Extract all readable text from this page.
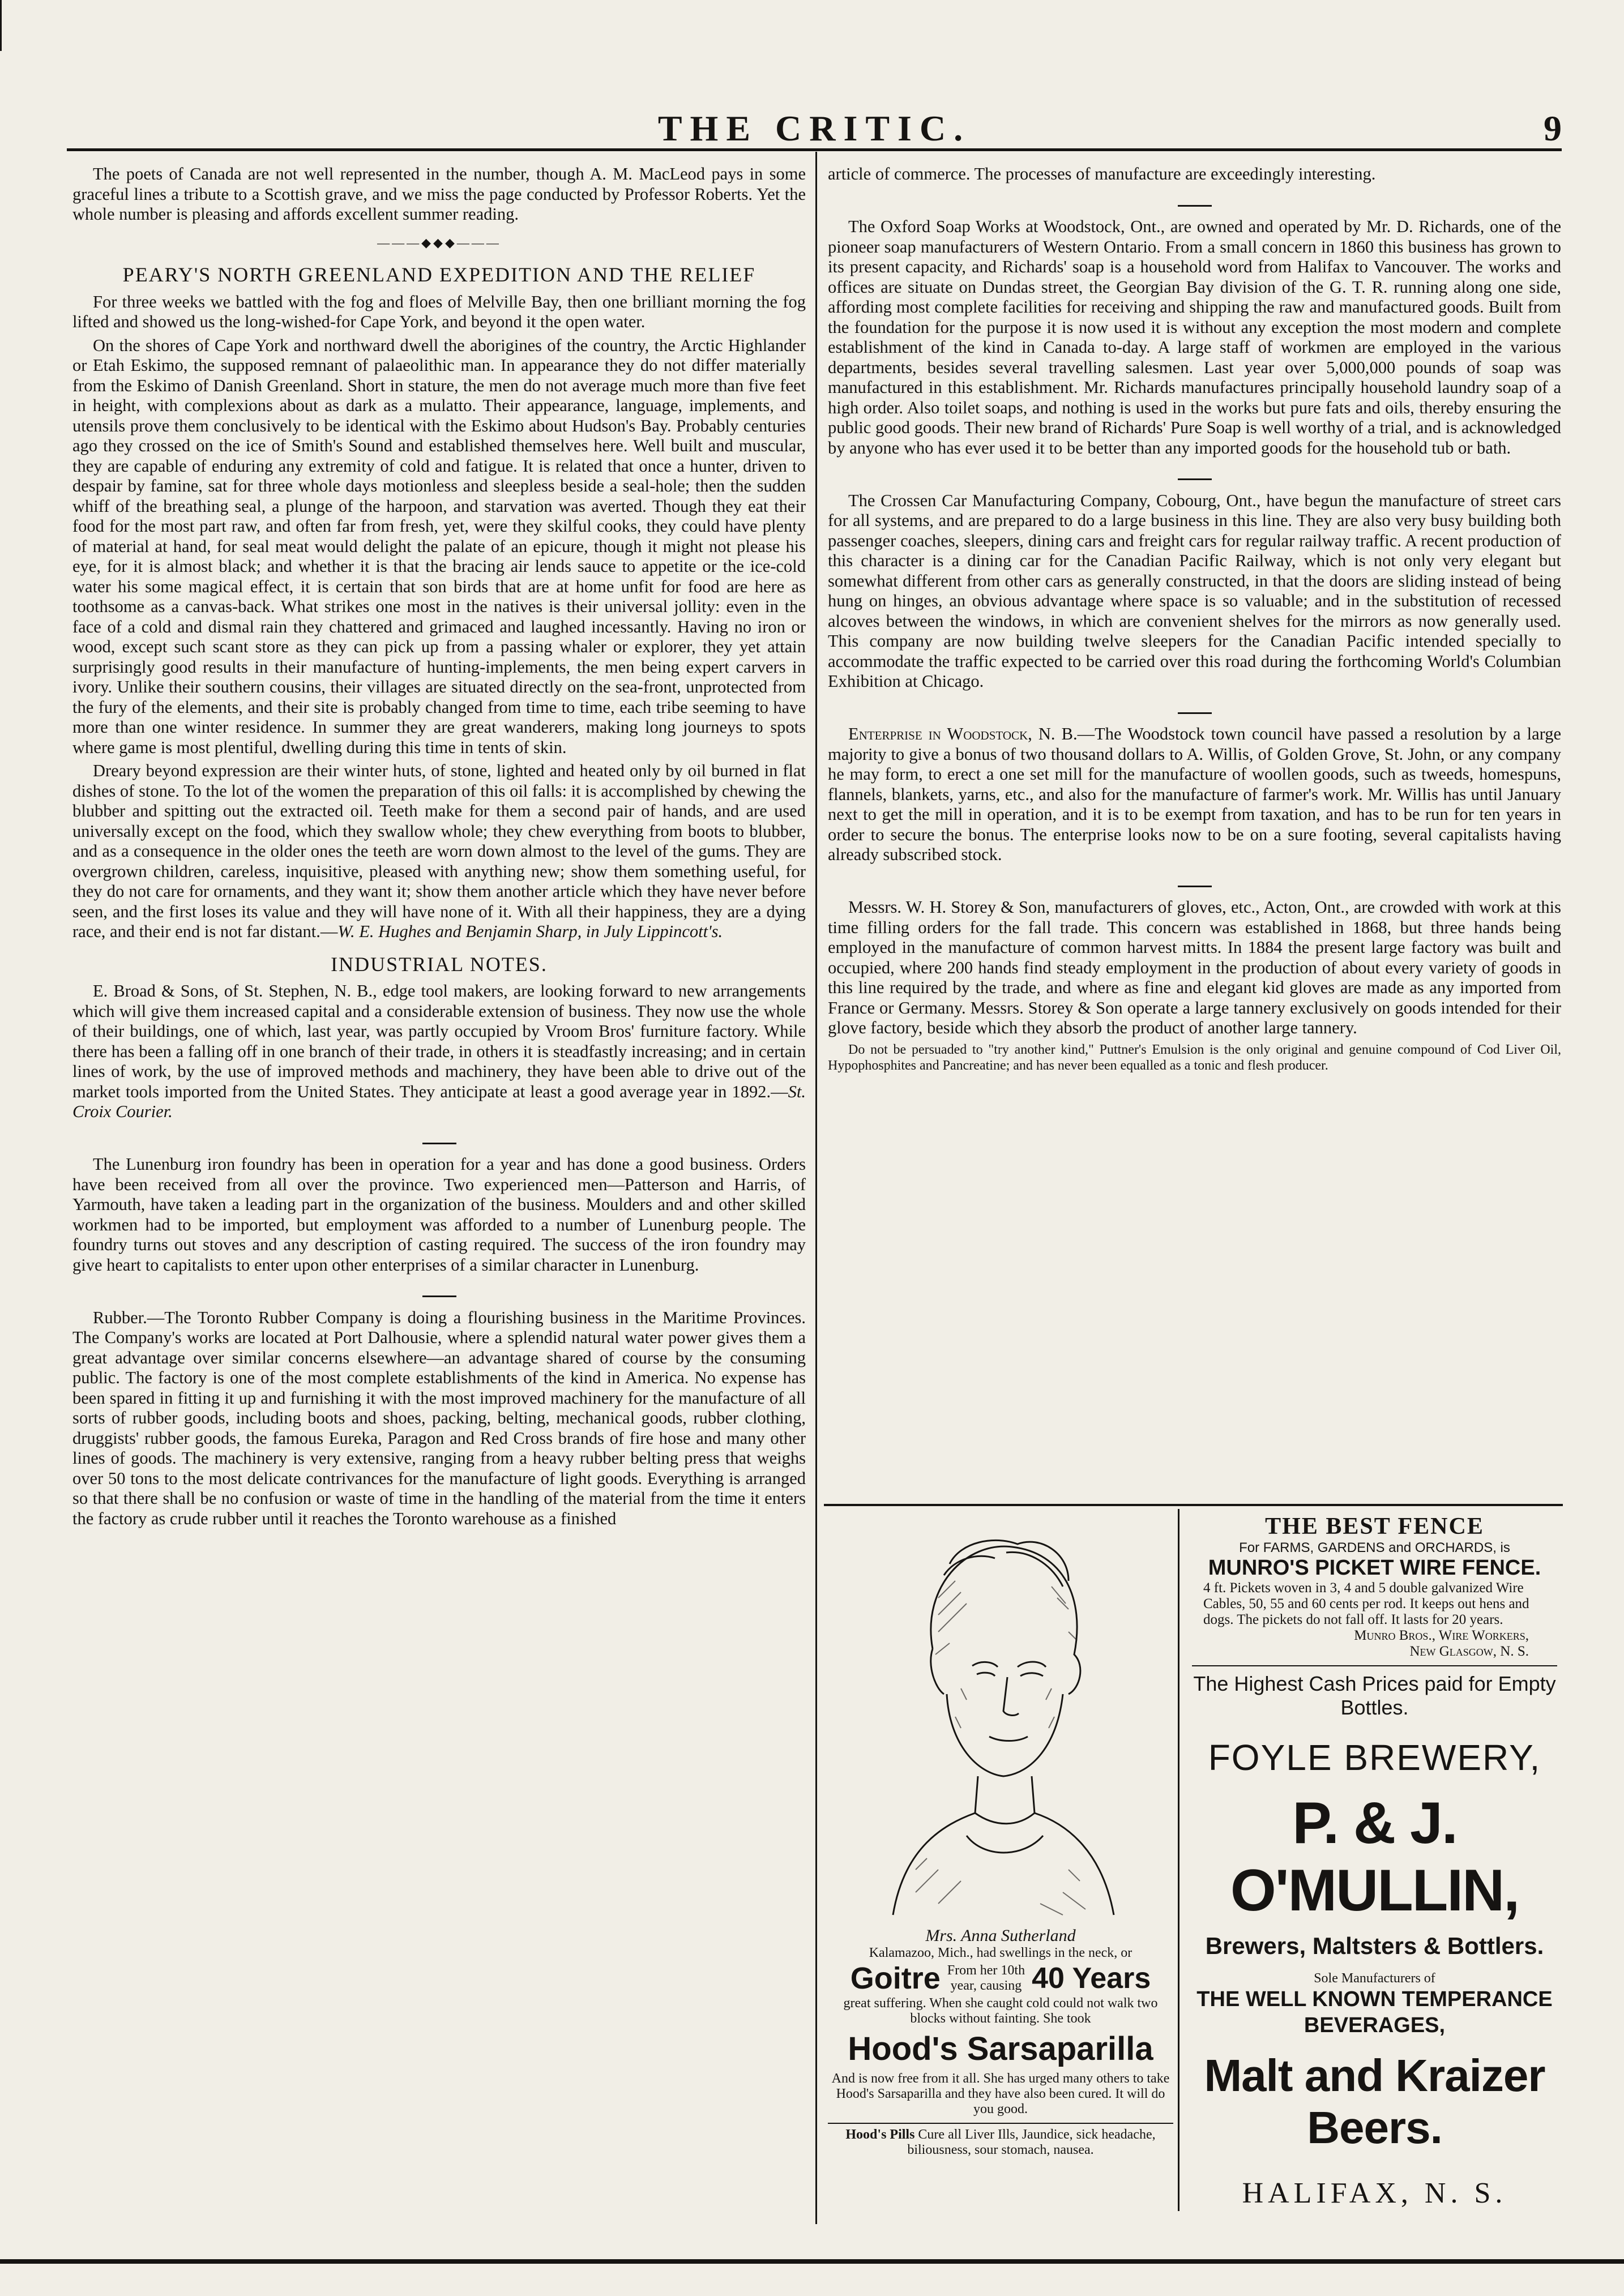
THE CRITIC.	9

The poets of Canada are not well represented in the number, though A. M. MacLeod pays in some graceful lines a tribute to a Scottish grave, and we miss the page conducted by Professor Roberts. Yet the whole number is pleasing and affords excellent summer reading.

———◆◆◆———
PEARY'S NORTH GREENLAND EXPEDITION AND THE RELIEF

For three weeks we battled with the fog and floes of Melville Bay, then one brilliant morning the fog lifted and showed us the long-wished-for Cape York, and beyond it the open water.

On the shores of Cape York and northward dwell the aborigines of the country, the Arctic Highlander or Etah Eskimo, the supposed remnant of palaeolithic man. In appearance they do not differ materially from the Eskimo of Danish Greenland. Short in stature, the men do not average much more than five feet in height, with complexions about as dark as a mulatto. Their appearance, language, implements, and utensils prove them conclusively to be identical with the Eskimo about Hudson's Bay. Probably centuries ago they crossed on the ice of Smith's Sound and established themselves here. Well built and muscular, they are capable of enduring any extremity of cold and fatigue. It is related that once a hunter, driven to despair by famine, sat for three whole days motionless and sleepless beside a seal-hole; then the sudden whiff of the breathing seal, a plunge of the harpoon, and starvation was averted. Though they eat their food for the most part raw, and often far from fresh, yet, were they skilful cooks, they could have plenty of material at hand, for seal meat would delight the palate of an epicure, though it might not please his eye, for it is almost black; and whether it is that the bracing air lends sauce to appetite or the ice-cold water his some magical effect, it is certain that son birds that are at home unfit for food are here as toothsome as a canvas-back. What strikes one most in the natives is their universal jollity: even in the face of a cold and dismal rain they chattered and grimaced and laughed incessantly. Having no iron or wood, except such scant store as they can pick up from a passing whaler or explorer, they yet attain surprisingly good results in their manufacture of hunting-implements, the men being expert carvers in ivory. Unlike their southern cousins, their villages are situated directly on the sea-front, unprotected from the fury of the elements, and their site is probably changed from time to time, each tribe seeming to have more than one winter residence. In summer they are great wanderers, making long journeys to spots where game is most plentiful, dwelling during this time in tents of skin.

Dreary beyond expression are their winter huts, of stone, lighted and heated only by oil burned in flat dishes of stone. To the lot of the women the preparation of this oil falls: it is accomplished by chewing the blubber and spitting out the extracted oil. Teeth make for them a second pair of hands, and are used universally except on the food, which they swallow whole; they chew everything from boots to blubber, and as a consequence in the older ones the teeth are worn down almost to the level of the gums. They are overgrown children, careless, inquisitive, pleased with anything new; show them something useful, for they do not care for ornaments, and they want it; show them another article which they have never before seen, and the first loses its value and they will have none of it. With all their happiness, they are a dying race, and their end is not far distant.—W. E. Hughes and Benjamin Sharp, in July Lippincott's.

INDUSTRIAL NOTES.

E. Broad & Sons, of St. Stephen, N. B., edge tool makers, are looking forward to new arrangements which will give them increased capital and a considerable extension of business. They now use the whole of their buildings, one of which, last year, was partly occupied by Vroom Bros' furniture factory. While there has been a falling off in one branch of their trade, in others it is steadfastly increasing; and in certain lines of work, by the use of improved methods and machinery, they have been able to drive out of the market tools imported from the United States. They anticipate at least a good average year in 1892.—St. Croix Courier.

The Lunenburg iron foundry has been in operation for a year and has done a good business. Orders have been received from all over the province. Two experienced men—Patterson and Harris, of Yarmouth, have taken a leading part in the organization of the business. Moulders and and other skilled workmen had to be imported, but employment was afforded to a number of Lunenburg people. The foundry turns out stoves and any description of casting required. The success of the iron foundry may give heart to capitalists to enter upon other enterprises of a similar character in Lunenburg.

Rubber.—The Toronto Rubber Company is doing a flourishing business in the Maritime Provinces. The Company's works are located at Port Dalhousie, where a splendid natural water power gives them a great advantage over similar concerns elsewhere—an advantage shared of course by the consuming public. The factory is one of the most complete establishments of the kind in America. No expense has been spared in fitting it up and furnishing it with the most improved machinery for the manufacture of all sorts of rubber goods, including boots and shoes, packing, belting, mechanical goods, rubber clothing, druggists' rubber goods, the famous Eureka, Paragon and Red Cross brands of fire hose and many other lines of goods. The machinery is very extensive, ranging from a heavy rubber belting press that weighs over 50 tons to the most delicate contrivances for the manufacture of light goods. Everything is arranged so that there shall be no confusion or waste of time in the handling of the material from the time it enters the factory as crude rubber until it reaches the Toronto warehouse as a finished

article of commerce. The processes of manufacture are exceedingly interesting.

The Oxford Soap Works at Woodstock, Ont., are owned and operated by Mr. D. Richards, one of the pioneer soap manufacturers of Western Ontario. From a small concern in 1860 this business has grown to its present capacity, and Richards' soap is a household word from Halifax to Vancouver. The works and offices are situate on Dundas street, the Georgian Bay division of the G. T. R. running along one side, affording most complete facilities for receiving and shipping the raw and manufactured goods. Built from the foundation for the purpose it is now used it is without any exception the most modern and complete establishment of the kind in Canada to-day. A large staff of workmen are employed in the various departments, besides several travelling salesmen. Last year over 5,000,000 pounds of soap was manufactured in this establishment. Mr. Richards manufactures principally household laundry soap of a high order. Also toilet soaps, and nothing is used in the works but pure fats and oils, thereby ensuring the public good goods. Their new brand of Richards' Pure Soap is well worthy of a trial, and is acknowledged by anyone who has ever used it to be better than any imported goods for the household tub or bath.

The Crossen Car Manufacturing Company, Cobourg, Ont., have begun the manufacture of street cars for all systems, and are prepared to do a large business in this line. They are also very busy building both passenger coaches, sleepers, dining cars and freight cars for regular railway traffic. A recent production of this character is a dining car for the Canadian Pacific Railway, which is not only very elegant but somewhat different from other cars as generally constructed, in that the doors are sliding instead of being hung on hinges, an obvious advantage where space is so valuable; and in the substitution of recessed alcoves between the windows, in which are convenient shelves for the mirrors as now generally used. This company are now building twelve sleepers for the Canadian Pacific intended specially to accommodate the traffic expected to be carried over this road during the forthcoming World's Columbian Exhibition at Chicago.

Enterprise in Woodstock, N. B.—The Woodstock town council have passed a resolution by a large majority to give a bonus of two thousand dollars to A. Willis, of Golden Grove, St. John, or any company he may form, to erect a one set mill for the manufacture of woollen goods, such as tweeds, homespuns, flannels, blankets, yarns, etc., and also for the manufacture of farmer's work. Mr. Willis has until January next to get the mill in operation, and it is to be exempt from taxation, and has to be run for ten years in order to secure the bonus. The enterprise looks now to be on a sure footing, several capitalists having already subscribed stock.

Messrs. W. H. Storey & Son, manufacturers of gloves, etc., Acton, Ont., are crowded with work at this time filling orders for the fall trade. This concern was established in 1868, but three hands being employed in the manufacture of common harvest mitts. In 1884 the present large factory was built and occupied, where 200 hands find steady employment in the production of about every variety of goods in this line required by the trade, and where as fine and elegant kid gloves are made as any imported from France or Germany. Messrs. Storey & Son operate a large tannery exclusively on goods intended for their glove factory, beside which they absorb the product of another large tannery.

Do not be persuaded to "try another kind," Puttner's Emulsion is the only original and genuine compound of Cod Liver Oil, Hypophosphites and Pancreatine; and has never been equalled as a tonic and flesh producer.

Mrs. Anna Sutherland
Kalamazoo, Mich., had swellings in the neck, or
Goitre From her 10th
year, causing 40 Years
great suffering. When she caught cold could not walk two blocks without fainting. She took
Hood's Sarsaparilla
And is now free from it all. She has urged many others to take Hood's Sarsaparilla and they have also been cured. It will do you good.
Hood's Pills Cure all Liver Ills, Jaundice, sick headache, biliousness, sour stomach, nausea.
THE BEST FENCE
For FARMS, GARDENS and ORCHARDS, is
MUNRO'S PICKET WIRE FENCE.
4 ft. Pickets woven in 3, 4 and 5 double galvanized Wire Cables, 50, 55 and 60 cents per rod. It keeps out hens and dogs. The pickets do not fall off. It lasts for 20 years.
Munro Bros., Wire Workers,
New Glasgow, N. S.
The Highest Cash Prices paid for Empty Bottles.
FOYLE BREWERY,
P. & J. O'MULLIN,
Brewers, Maltsters & Bottlers.
Sole Manufacturers of
THE WELL KNOWN TEMPERANCE BEVERAGES,
Malt and Kraizer Beers.
HALIFAX, N. S.
